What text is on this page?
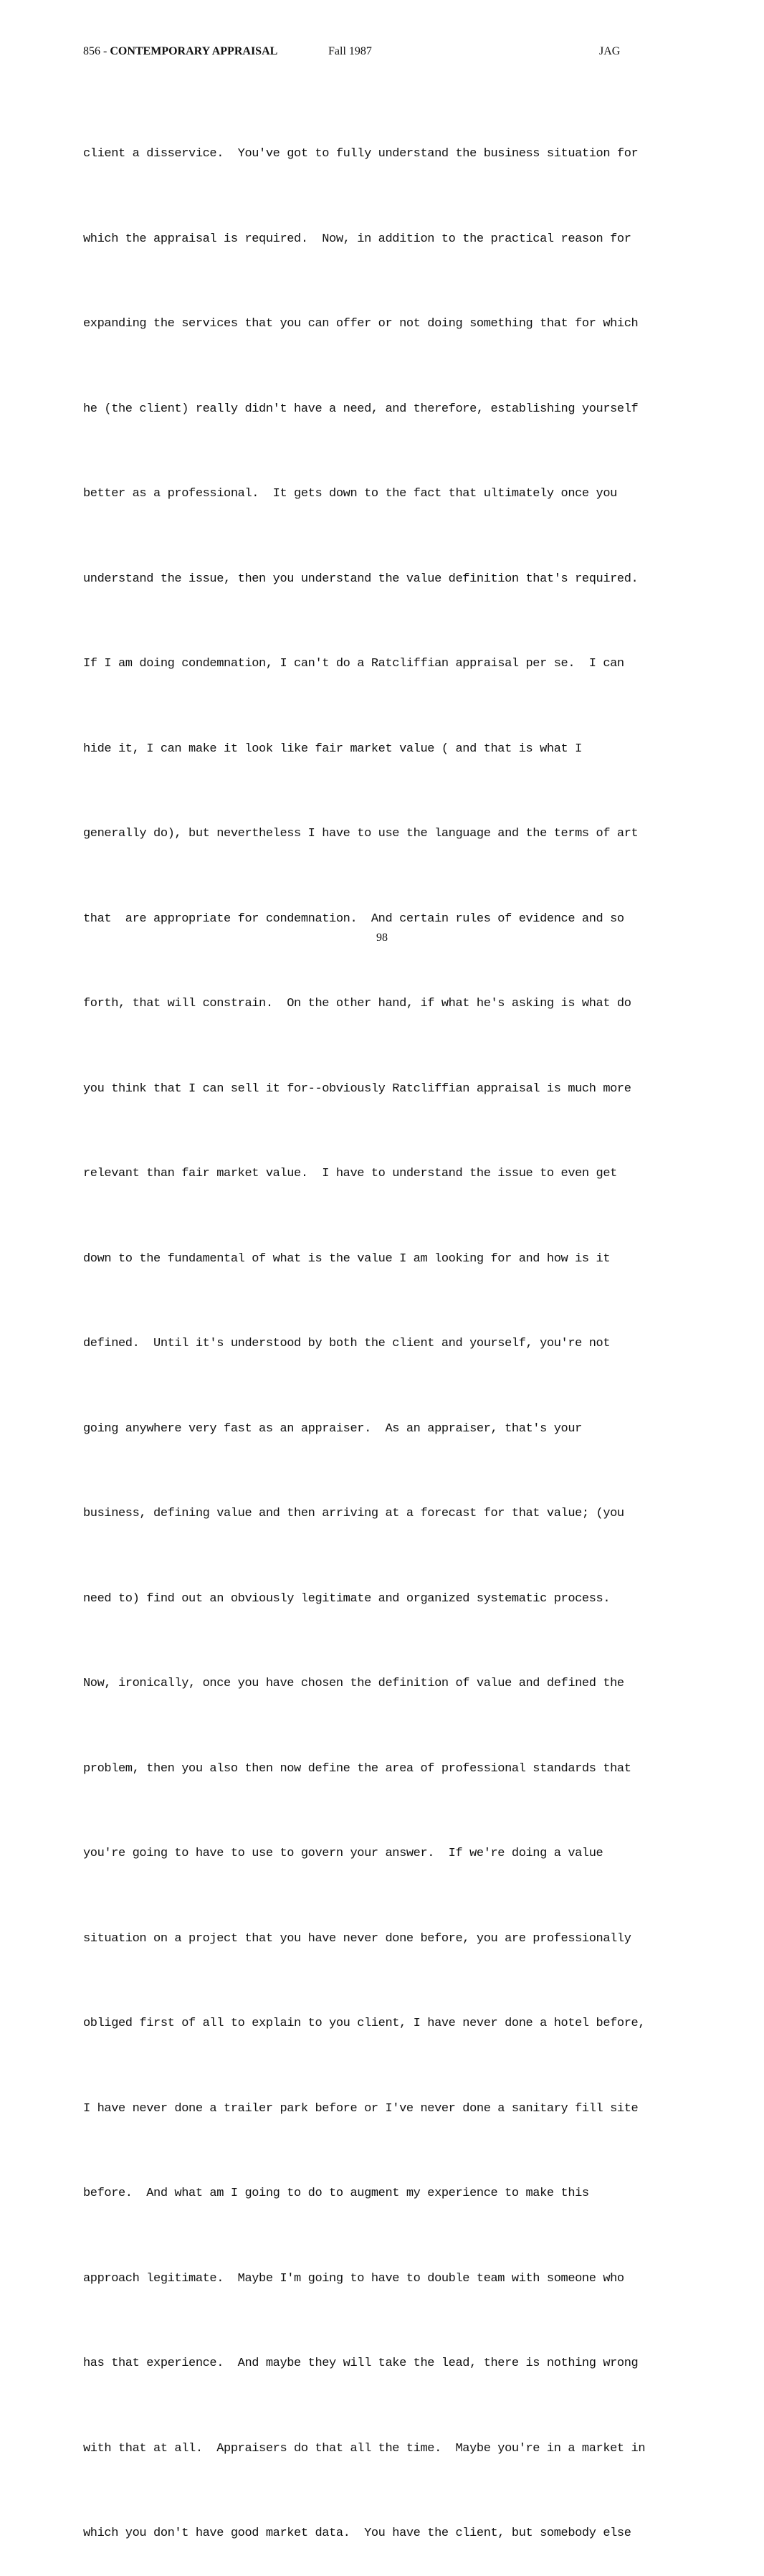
856 - CONTEMPORARY APPRAISAL	Fall 1987	JAG

client a disservice.  You've got to fully understand the business situation for

which the appraisal is required.  Now, in addition to the practical reason for

expanding the services that you can offer or not doing something that for which

he (the client) really didn't have a need, and therefore, establishing yourself

better as a professional.  It gets down to the fact that ultimately once you

understand the issue, then you understand the value definition that's required.

If I am doing condemnation, I can't do a Ratcliffian appraisal per se.  I can

hide it, I can make it look like fair market value ( and that is what I

generally do), but nevertheless I have to use the language and the terms of art

that  are appropriate for condemnation.  And certain rules of evidence and so

forth, that will constrain.  On the other hand, if what he's asking is what do

you think that I can sell it for--obviously Ratcliffian appraisal is much more

relevant than fair market value.  I have to understand the issue to even get

down to the fundamental of what is the value I am looking for and how is it

defined.  Until it's understood by both the client and yourself, you're not

going anywhere very fast as an appraiser.  As an appraiser, that's your

business, defining value and then arriving at a forecast for that value; (you

need to) find out an obviously legitimate and organized systematic process.

Now, ironically, once you have chosen the definition of value and defined the

problem, then you also then now define the area of professional standards that

you're going to have to use to govern your answer.  If we're doing a value

situation on a project that you have never done before, you are professionally

obliged first of all to explain to you client, I have never done a hotel before,

I have never done a trailer park before or I've never done a sanitary fill site

before.  And what am I going to do to augment my experience to make this

approach legitimate.  Maybe I'm going to have to double team with someone who

has that experience.  And maybe they will take the lead, there is nothing wrong

with that at all.  Appraisers do that all the time.  Maybe you're in a market in

which you don't have good market data.  You have the client, but somebody else

98
